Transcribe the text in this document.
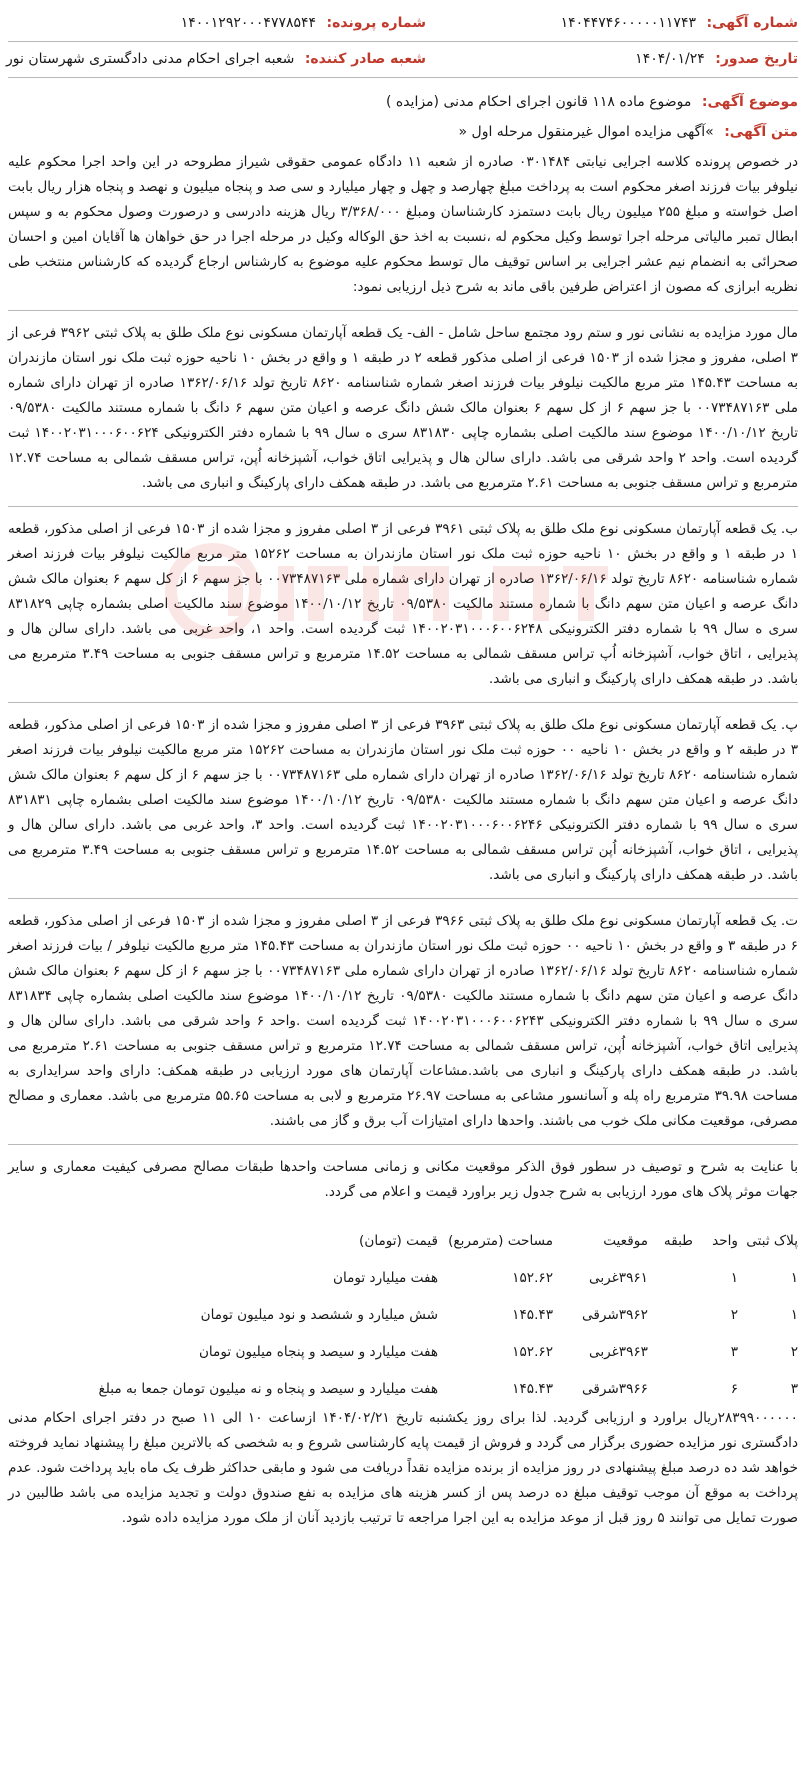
شماره آگهی: ۱۴۰۴۴۷۴۶۰۰۰۰۰۱۱۷۴۳
شماره پرونده: ۱۴۰۰۱۲۹۲۰۰۰۴۷۷۸۵۴۴
تاریخ صدور: ۱۴۰۴/۰۱/۲۴
شعبه صادر کننده: شعبه اجرای احکام مدنی دادگستری شهرستان نور
موضوع آگهی: موضوع ماده ۱۱۸ قانون اجرای احکام مدنی (مزایده )
متن آگهی: »آگهی مزایده اموال غیرمنقول مرحله اول «

در خصوص پرونده کلاسه اجرایی نیابتی ۰۳۰۱۴۸۴ صادره از شعبه ۱۱ دادگاه عمومی حقوقی شیراز مطروحه در این واحد اجرا محکوم علیه نیلوفر بیات فرزند اصغر محکوم است به پرداخت مبلغ چهارصد و چهل و چهار میلیارد و سی صد و پنجاه میلیون و نهصد و پنجاه هزار ریال بابت اصل خواسته و مبلغ ۲۵۵ میلیون ریال بابت دستمزد کارشناسان ومبلغ ۳/۳۶۸/۰۰۰ ریال هزینه دادرسی و درصورت وصول محکوم به و سپس ابطال تمبر مالیاتی مرحله اجرا توسط وکیل محکوم له ،نسبت به اخذ حق الوکاله وکیل در مرحله اجرا در حق خواهان ها آقایان امین و احسان صحرائی به انضمام نیم عشر اجرایی بر اساس توقیف مال توسط محکوم علیه موضوع به کارشناس ارجاع گردیده که کارشناس منتخب طی نظریه ابرازی که مصون از اعتراض طرفین باقی ماند به شرح ذیل ارزیابی نمود:

مال مورد مزایده به نشانی نور و ستم رود مجتمع ساحل شامل - الف- یک قطعه آپارتمان مسکونی نوع ملک طلق به پلاک ثبتی ۳۹۶۲ فرعی از ۳ اصلی، مفروز و مجزا شده از ۱۵۰۳ فرعی از اصلی مذکور قطعه ۲ در طبقه ۱ و واقع در بخش ۱۰ ناحیه حوزه ثبت ملک نور استان مازندران به مساحت ۱۴۵.۴۳ متر مربع مالکیت نیلوفر بیات فرزند اصغر شماره شناسنامه ۸۶۲۰ تاریخ تولد ۱۳۶۲/۰۶/۱۶ صادره از تهران دارای شماره ملی ۰۰۷۳۴۸۷۱۶۳ با جز سهم ۶ از کل سهم ۶ بعنوان مالک شش دانگ عرصه و اعیان متن سهم ۶ دانگ با شماره مستند مالکیت ۰۹/۵۳۸۰ تاریخ ۱۴۰۰/۱۰/۱۲ موضوع سند مالکیت اصلی بشماره چاپی ۸۳۱۸۳۰ سری ه سال ۹۹ با شماره دفتر الکترونیکی ۱۴۰۰۲۰۳۱۰۰۰۶۰۰۶۲۴ ثبت گردیده است. واحد ۲ واحد شرقی می باشد. دارای سالن هال و پذیرایی اتاق خواب، آشپزخانه اُپن، تراس مسقف شمالی به مساحت ۱۲.۷۴ مترمربع و تراس مسقف جنوبی به مساحت ۲.۶۱ مترمربع می باشد. در طبقه همکف دارای پارکینگ و انباری می باشد.

ب. یک قطعه آپارتمان مسکونی نوع ملک طلق به پلاک ثبتی ۳۹۶۱ فرعی از ۳ اصلی مفروز و مجزا شده از ۱۵۰۳ فرعی از اصلی مذکور، قطعه ۱ در طبقه ۱ و واقع در بخش ۱۰ ناحیه حوزه ثبت ملک نور استان مازندران به مساحت ۱۵۲۶۲ متر مربع مالکیت نیلوفر بیات فرزند اصغر شماره شناسنامه ۸۶۲۰ تاریخ تولد ۱۳۶۲/۰۶/۱۶ صادره از تهران دارای شماره ملی ۰۰۷۳۴۸۷۱۶۳ با جز سهم ۶ از کل سهم ۶ بعنوان مالک شش دانگ عرصه و اعیان متن سهم دانگ با شماره مستند مالکیت ۰۹/۵۳۸۰ تاریخ ۱۴۰۰/۱۰/۱۲ موضوع سند مالکیت اصلی بشماره چاپی ۸۳۱۸۲۹ سری ه سال ۹۹ با شماره دفتر الکترونیکی ۱۴۰۰۲۰۳۱۰۰۰۶۰۰۶۲۴۸ ثبت گردیده است. واحد ۱، واحد غربی می باشد. دارای سالن هال و پذیرایی ، اتاق خواب، آشپزخانه اُپ تراس مسقف شمالی به مساحت ۱۴.۵۲ مترمربع و تراس مسقف جنوبی به مساحت ۳.۴۹ مترمربع می باشد. در طبقه همکف دارای پارکینگ و انباری می باشد.

پ. یک قطعه آپارتمان مسکونی نوع ملک طلق به پلاک ثبتی ۳۹۶۳ فرعی از ۳ اصلی مفروز و مجزا شده از ۱۵۰۳ فرعی از اصلی مذکور، قطعه ۳ در طبقه ۲ و واقع در بخش ۱۰ ناحیه ۰۰ حوزه ثبت ملک نور استان مازندران به مساحت ۱۵۲۶۲ متر مربع مالکیت نیلوفر بیات فرزند اصغر شماره شناسنامه ۸۶۲۰ تاریخ تولد ۱۳۶۲/۰۶/۱۶ صادره از تهران دارای شماره ملی ۰۰۷۳۴۸۷۱۶۳ با جز سهم ۶ از کل سهم ۶ بعنوان مالک شش دانگ عرصه و اعیان متن سهم دانگ با شماره مستند مالکیت ۰۹/۵۳۸۰ تاریخ ۱۴۰۰/۱۰/۱۲ موضوع سند مالکیت اصلی بشماره چاپی ۸۳۱۸۳۱ سری ه سال ۹۹ با شماره دفتر الکترونیکی ۱۴۰۰۲۰۳۱۰۰۰۶۰۰۶۲۴۶ ثبت گردیده است. واحد ۳، واحد غربی می باشد. دارای سالن هال و پذیرایی ، اتاق خواب، آشپزخانه اُپن تراس مسقف شمالی به مساحت ۱۴.۵۲ مترمربع و تراس مسقف جنوبی به مساحت ۳.۴۹ مترمربع می باشد. در طبقه همکف دارای پارکینگ و انباری می باشد.

ت. یک قطعه آپارتمان مسکونی نوع ملک طلق به پلاک ثبتی ۳۹۶۶ فرعی از ۳ اصلی مفروز و مجزا شده از ۱۵۰۳ فرعی از اصلی مذکور، قطعه ۶ در طبقه ۳ و واقع در بخش ۱۰ ناحیه ۰۰ حوزه ثبت ملک نور استان مازندران به مساحت ۱۴۵.۴۳ متر مربع مالکیت نیلوفر / بیات فرزند اصغر شماره شناسنامه ۸۶۲۰ تاریخ تولد ۱۳۶۲/۰۶/۱۶ صادره از تهران دارای شماره ملی ۰۰۷۳۴۸۷۱۶۳ با جز سهم ۶ از کل سهم ۶ بعنوان مالک شش دانگ عرصه و اعیان متن سهم دانگ با شماره مستند مالکیت ۰۹/۵۳۸۰ تاریخ ۱۴۰۰/۱۰/۱۲ موضوع سند مالکیت اصلی بشماره چاپی ۸۳۱۸۳۴ سری ه سال ۹۹ با شماره دفتر الکترونیکی ۱۴۰۰۲۰۳۱۰۰۰۶۰۰۶۲۴۳ ثبت گردیده است .واحد ۶ واحد شرقی می باشد. دارای سالن هال و پذیرایی اتاق خواب، آشپزخانه اُپن، تراس مسقف شمالی به مساحت ۱۲.۷۴ مترمربع و تراس مسقف جنوبی به مساحت ۲.۶۱ مترمربع می باشد. در طبقه همکف دارای پارکینگ و انباری می باشد.مشاعات آپارتمان های مورد ارزیابی در طبقه همکف: دارای واحد سرایداری به مساحت ۳۹.۹۸ مترمربع راه پله و آسانسور مشاعی به مساحت ۲۶.۹۷ مترمربع و لابی به مساحت ۵۵.۶۵ مترمربع می باشد. معماری و مصالح مصرفی، موقعیت مکانی ملک خوب می باشند. واحدها دارای امتیازات آب برق و گاز می باشند.

با عنایت به شرح و توصیف در سطور فوق الذکر موقعیت مکانی و زمانی مساحت واحدها طبقات مصالح مصرفی کیفیت معماری و سایر جهات موثر پلاک های مورد ارزیابی به شرح جدول زیر براورد قیمت و اعلام می گردد.

پلاک ثبتی	واحد	طبقه	موقعیت	مساحت (مترمربع)	قیمت (تومان)
۱	۱		۳۹۶۱غربی	۱۵۲.۶۲	هفت میلیارد تومان
۱	۲		۳۹۶۲شرقی	۱۴۵.۴۳	شش میلیارد و ششصد و نود میلیون تومان
۲	۳		۳۹۶۳غربی	۱۵۲.۶۲	هفت میلیارد و سیصد و پنجاه میلیون تومان
۳	۶		۳۹۶۶شرقی	۱۴۵.۴۳	هفت میلیارد و سیصد و پنجاه و نه میلیون تومان جمعا به مبلغ

۲۸۳۹۹۰۰۰۰۰۰ریال براورد و ارزیابی گردید. لذا برای روز یکشنبه تاریخ ۱۴۰۴/۰۲/۲۱ ازساعت ۱۰ الی ۱۱ صبح در دفتر اجرای احکام مدنی دادگستری نور مزایده حضوری برگزار می گردد و فروش از قیمت پایه کارشناسی شروع و به شخصی که بالاترین مبلغ را پیشنهاد نماید فروخته خواهد شد ده درصد مبلغ پیشنهادی در روز مزایده از برنده مزایده نقداً دریافت می شود و مابقی حداکثر ظرف یک ماه باید پرداخت شود. عدم پرداخت به موقع آن موجب توقیف مبلغ ده درصد پس از کسر هزینه های مزایده به نفع صندوق دولت و تجدید مزایده می باشد طالبین در صورت تمایل می توانند ۵ روز قبل از موعد مزایده به این اجرا مراجعه تا ترتیب بازدید آنان از ملک مورد مزایده داده شود.
